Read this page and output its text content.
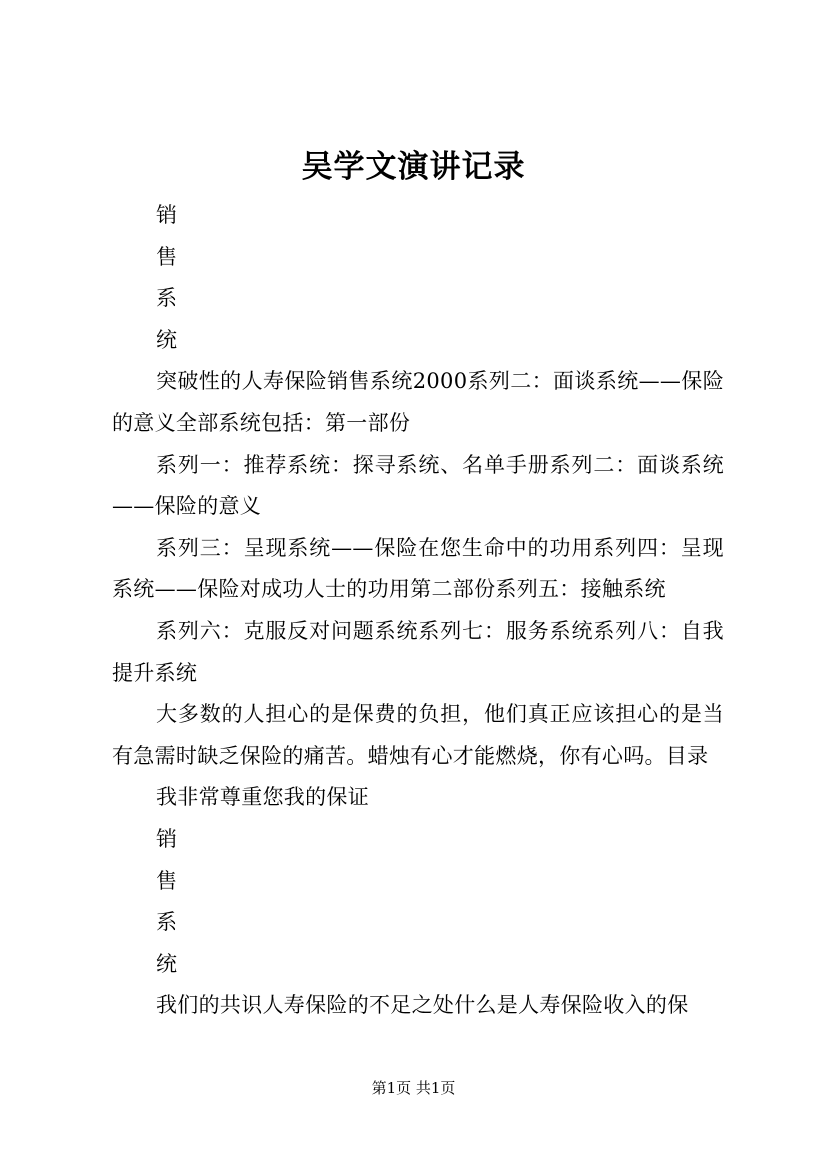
吴学文演讲记录

销

售

系

统

突破性的人寿保险销售系统2000系列二：面谈系统——保险的意义全部系统包括：第一部份

系列一：推荐系统：探寻系统、名单手册系列二：面谈系统——保险的意义

系列三：呈现系统——保险在您生命中的功用系列四：呈现系统——保险对成功人士的功用第二部份系列五：接触系统

系列六：克服反对问题系统系列七：服务系统系列八：自我提升系统

大多数的人担心的是保费的负担，他们真正应该担心的是当有急需时缺乏保险的痛苦。蜡烛有心才能燃烧，你有心吗。目录

我非常尊重您我的保证

销

售

系

统

我们的共识人寿保险的不足之处什么是人寿保险收入的保

第1页 共1页
